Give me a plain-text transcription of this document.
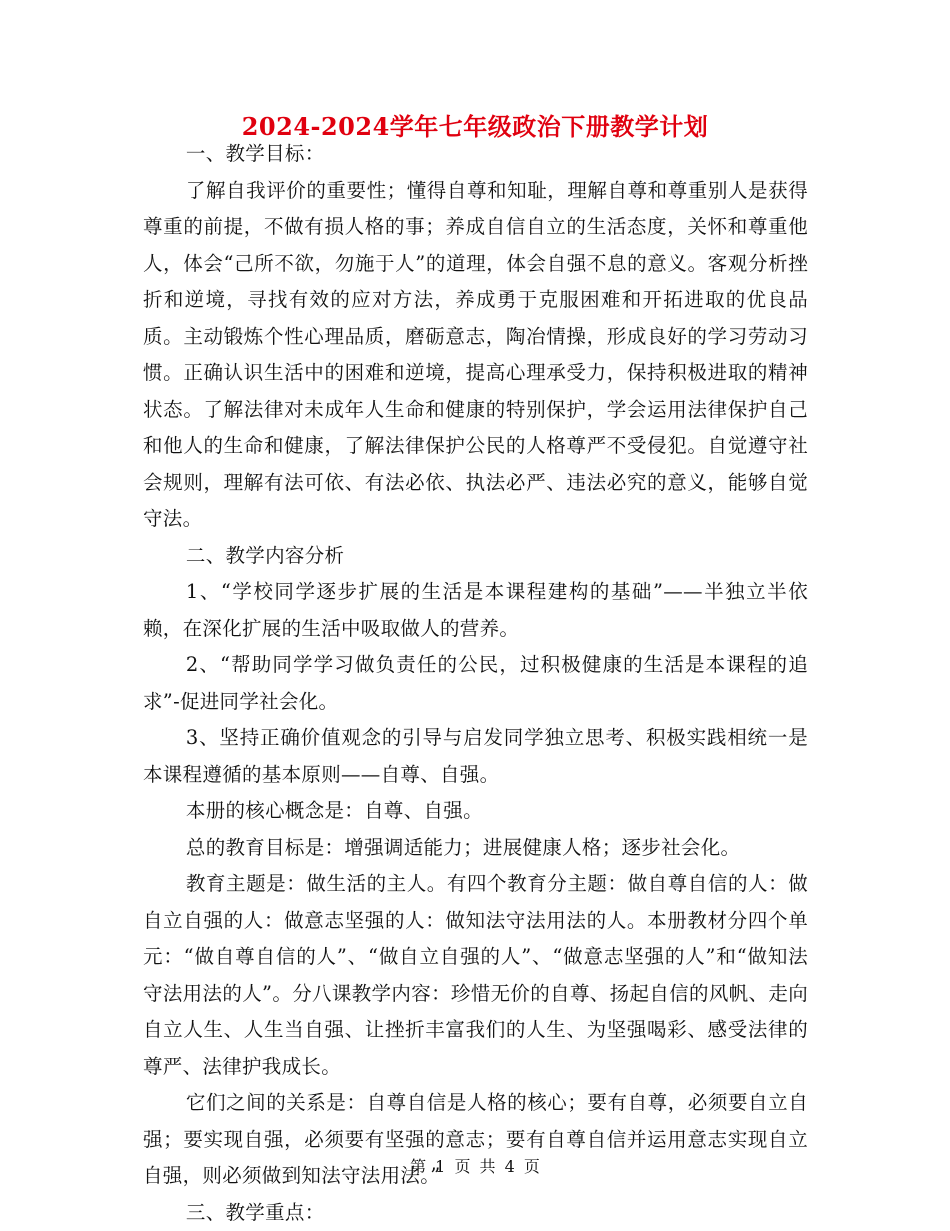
2024-2024学年七年级政治下册教学计划

一、教学目标：

了解自我评价的重要性；懂得自尊和知耻，理解自尊和尊重别人是获得尊重的前提，不做有损人格的事；养成自信自立的生活态度，关怀和尊重他人，体会“己所不欲，勿施于人”的道理，体会自强不息的意义。客观分析挫折和逆境，寻找有效的应对方法，养成勇于克服困难和开拓进取的优良品质。主动锻炼个性心理品质，磨砺意志，陶冶情操，形成良好的学习劳动习惯。正确认识生活中的困难和逆境，提高心理承受力，保持积极进取的精神状态。了解法律对未成年人生命和健康的特别保护，学会运用法律保护自己和他人的生命和健康，了解法律保护公民的人格尊严不受侵犯。自觉遵守社会规则，理解有法可依、有法必依、执法必严、违法必究的意义，能够自觉守法。

二、教学内容分析

1、“学校同学逐步扩展的生活是本课程建构的基础”——半独立半依赖，在深化扩展的生活中吸取做人的营养。

2、“帮助同学学习做负责任的公民，过积极健康的生活是本课程的追求”-促进同学社会化。

3、坚持正确价值观念的引导与启发同学独立思考、积极实践相统一是本课程遵循的基本原则——自尊、自强。

本册的核心概念是：自尊、自强。

总的教育目标是：增强调适能力；进展健康人格；逐步社会化。

教育主题是：做生活的主人。有四个教育分主题：做自尊自信的人：做自立自强的人：做意志坚强的人：做知法守法用法的人。本册教材分四个单元：“做自尊自信的人”、“做自立自强的人”、“做意志坚强的人”和“做知法守法用法的人”。分八课教学内容：珍惜无价的自尊、扬起自信的风帆、走向自立人生、人生当自强、让挫折丰富我们的人生、为坚强喝彩、感受法律的尊严、法律护我成长。

它们之间的关系是：自尊自信是人格的核心；要有自尊，必须要自立自强；要实现自强，必须要有坚强的意志；要有自尊自信并运用意志实现自立自强，则必须做到知法守法用法。”

三、教学重点：

第 1 页 共 4 页
